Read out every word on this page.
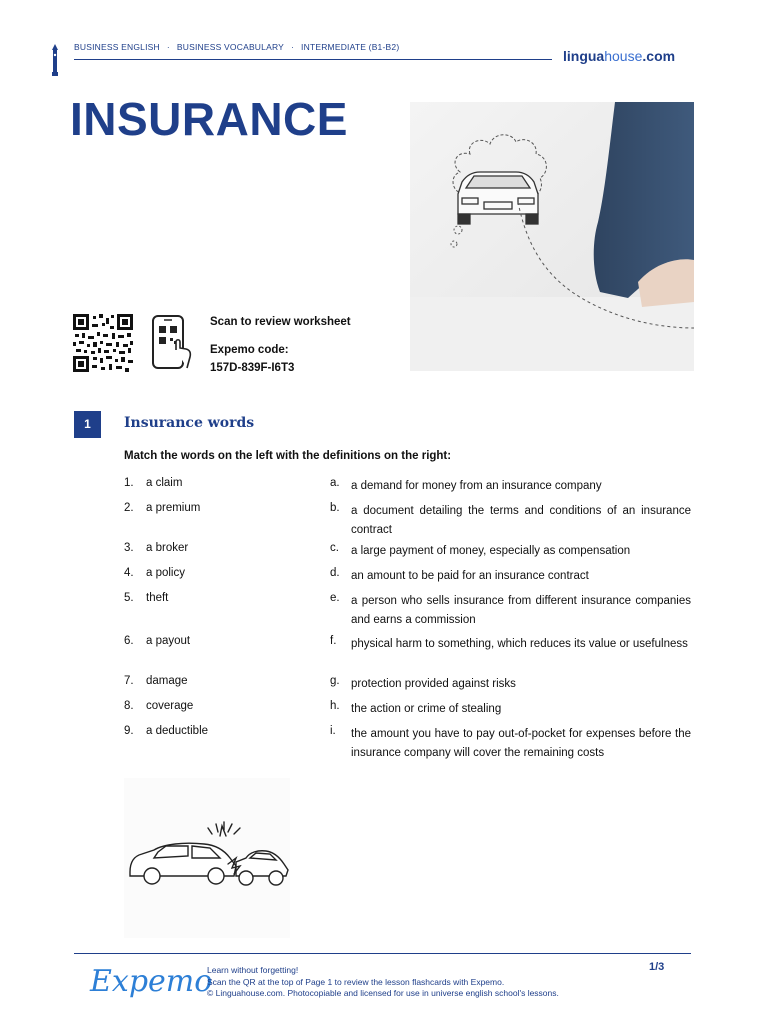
BUSINESS ENGLISH · BUSINESS VOCABULARY · INTERMEDIATE (B1-B2)
linguahouse.com
INSURANCE
Scan to review worksheet
Expemo code:
157D-839F-I6T3
1	Insurance words
Match the words on the left with the definitions on the right:
1.	a claim	a. a demand for money from an insurance company
2.	a premium	b. a document detailing the terms and conditions of an insurance contract
3.	a broker	c.	a large payment of money, especially as compensation
4.	a policy	d. an amount to be paid for an insurance contract
5.	theft	e. a person who sells insurance from different insurance companies and earns a commission
6.	a payout	f.	physical harm to something, which reduces its value or usefulness
7.	damage	g. protection provided against risks
8.	coverage	h. the action or crime of stealing
9.	a deductible	i.	the amount you have to pay out-of-pocket for expenses before the insurance company will cover the remaining costs
Expemo
Learn without forgetting!
Scan the QR at the top of Page 1 to review the lesson flashcards with Expemo.
© Linguahouse.com. Photocopiable and licensed for use in universe english school's lessons.
1/3
